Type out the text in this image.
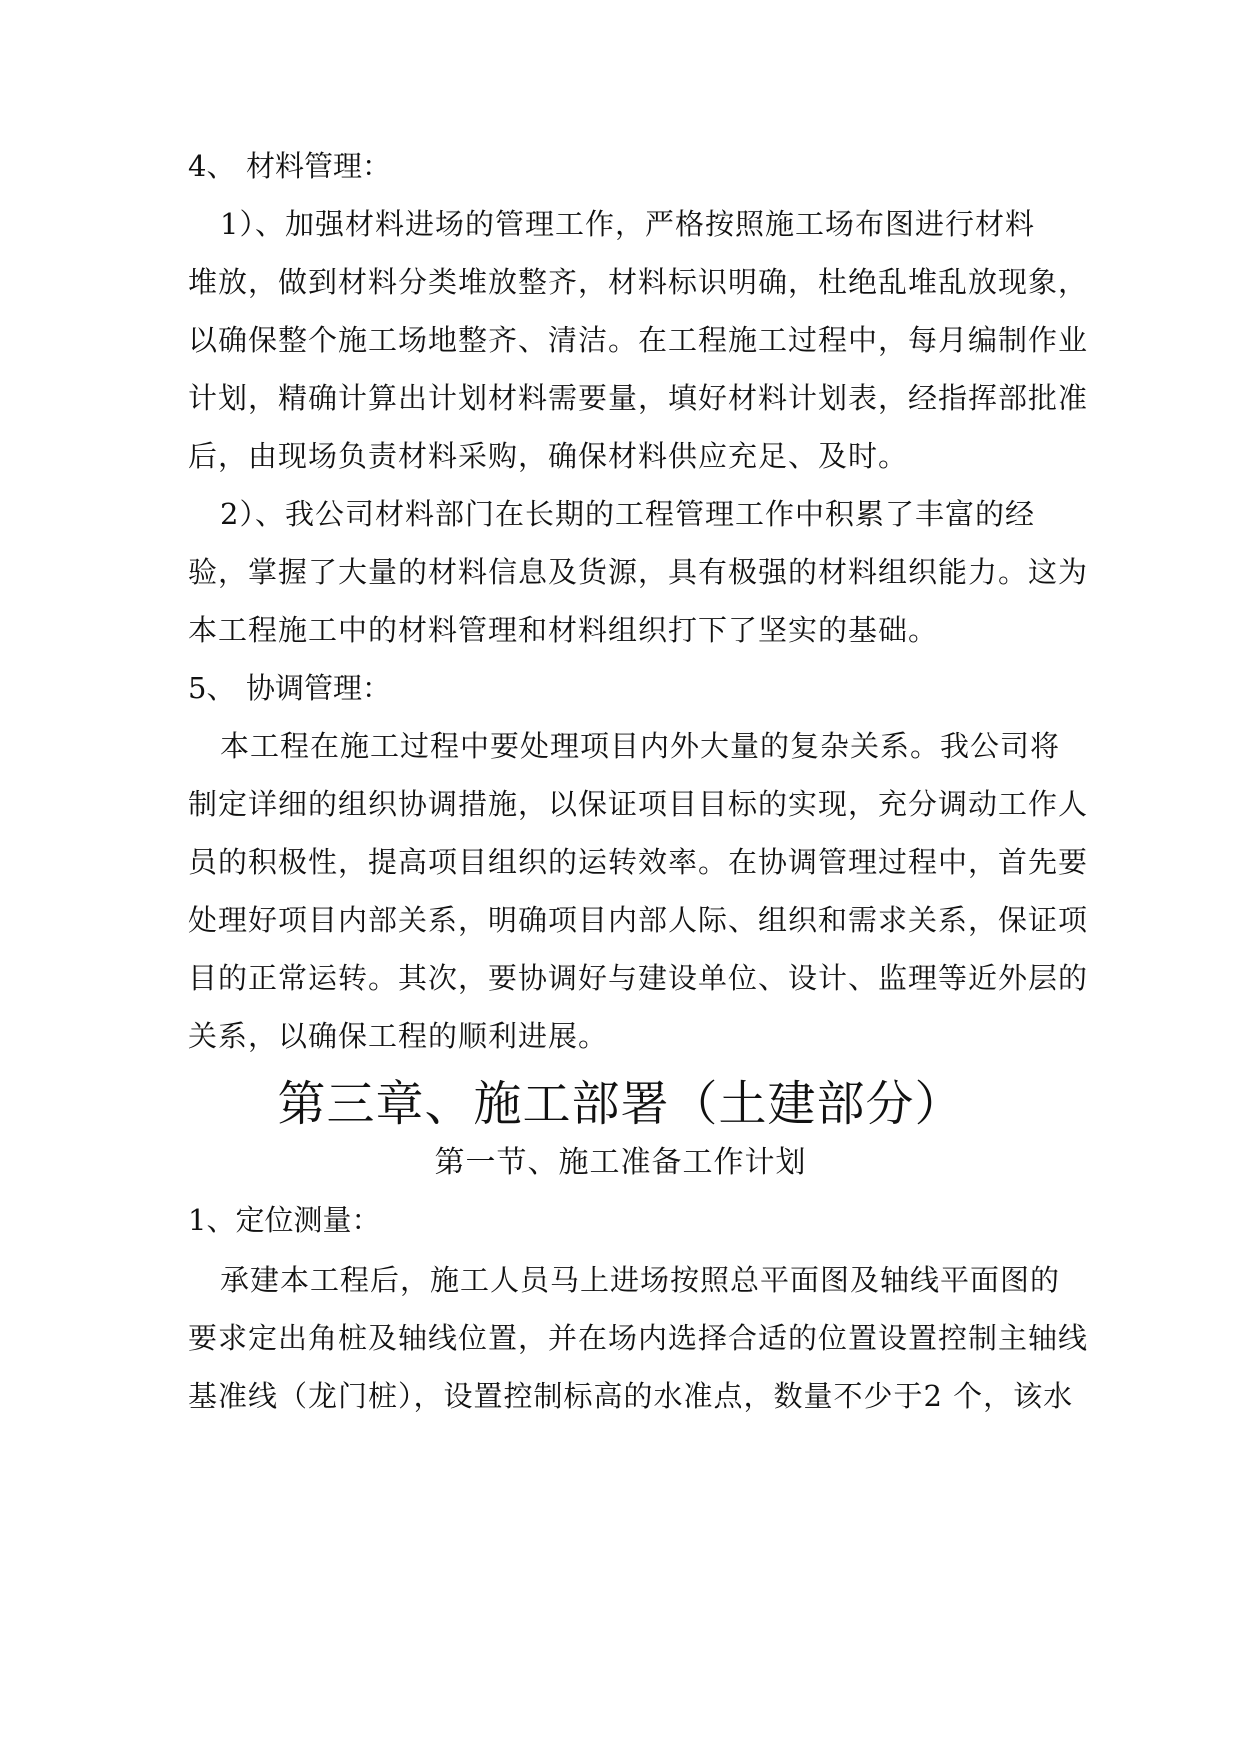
4、 材料管理：
1）、加强材料进场的管理工作，严格按照施工场布图进行材料
堆放，做到材料分类堆放整齐，材料标识明确，杜绝乱堆乱放现象，
以确保整个施工场地整齐、清洁。在工程施工过程中，每月编制作业
计划，精确计算出计划材料需要量，填好材料计划表，经指挥部批准
后，由现场负责材料采购，确保材料供应充足、及时。
2）、我公司材料部门在长期的工程管理工作中积累了丰富的经
验，掌握了大量的材料信息及货源，具有极强的材料组织能力。这为
本工程施工中的材料管理和材料组织打下了坚实的基础。
5、 协调管理：
本工程在施工过程中要处理项目内外大量的复杂关系。我公司将
制定详细的组织协调措施，以保证项目目标的实现，充分调动工作人
员的积极性，提高项目组织的运转效率。在协调管理过程中，首先要
处理好项目内部关系，明确项目内部人际、组织和需求关系，保证项
目的正常运转。其次，要协调好与建设单位、设计、监理等近外层的
关系，以确保工程的顺利进展。
第三章、施工部署（土建部分）
第一节、施工准备工作计划
1、定位测量：
承建本工程后，施工人员马上进场按照总平面图及轴线平面图的
要求定出角桩及轴线位置，并在场内选择合适的位置设置控制主轴线
基准线（龙门桩），设置控制标高的水准点，数量不少于2 个，该水
